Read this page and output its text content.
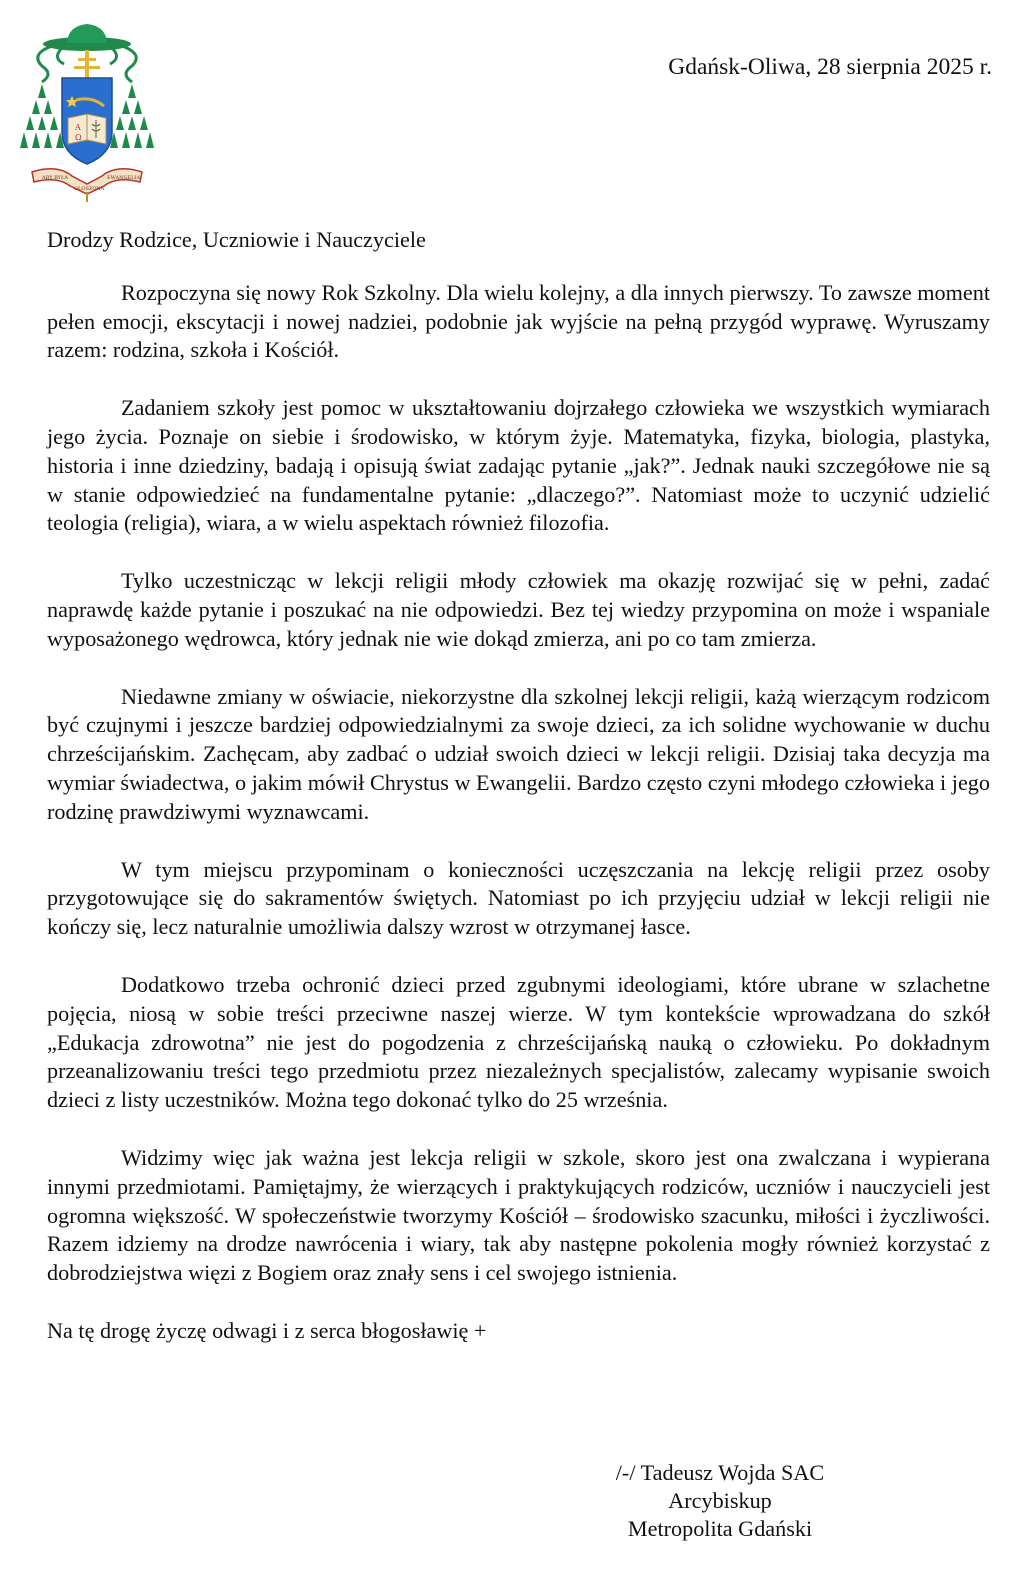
Α
Ω
ABY BYŁA
GŁOSZONA
EWANGELIA
Gdańsk-Oliwa, 28 sierpnia 2025 r.

Drodzy Rodzice, Uczniowie i Nauczyciele

Rozpoczyna się nowy Rok Szkolny. Dla wielu kolejny, a dla innych pierwszy. To zawsze moment pełen emocji, ekscytacji i nowej nadziei, podobnie jak wyjście na pełną przygód wyprawę. Wyruszamy razem: rodzina, szkoła i Kościół.

Zadaniem szkoły jest pomoc w ukształtowaniu dojrzałego człowieka we wszystkich wymiarach jego życia. Poznaje on siebie i środowisko, w którym żyje. Matematyka, fizyka, biologia, plastyka, historia i inne dziedziny, badają i opisują świat zadając pytanie „jak?”. Jednak nauki szczegółowe nie są w stanie odpowiedzieć na fundamentalne pytanie: „dlaczego?”. Natomiast może to uczynić udzielić teologia (religia), wiara, a w wielu aspektach również filozofia.

Tylko uczestnicząc w lekcji religii młody człowiek ma okazję rozwijać się w pełni, zadać naprawdę każde pytanie i poszukać na nie odpowiedzi. Bez tej wiedzy przypomina on może i wspaniale wyposażonego wędrowca, który jednak nie wie dokąd zmierza, ani po co tam zmierza.

Niedawne zmiany w oświacie, niekorzystne dla szkolnej lekcji religii, każą wierzącym rodzicom być czujnymi i jeszcze bardziej odpowiedzialnymi za swoje dzieci, za ich solidne wychowanie w duchu chrześcijańskim. Zachęcam, aby zadbać o udział swoich dzieci w lekcji religii. Dzisiaj taka decyzja ma wymiar świadectwa, o jakim mówił Chrystus w Ewangelii. Bardzo często czyni młodego człowieka i jego rodzinę prawdziwymi wyznawcami.

W tym miejscu przypominam o konieczności uczęszczania na lekcję religii przez osoby przygotowujące się do sakramentów świętych. Natomiast po ich przyjęciu udział w lekcji religii nie kończy się, lecz naturalnie umożliwia dalszy wzrost w otrzymanej łasce.

Dodatkowo trzeba ochronić dzieci przed zgubnymi ideologiami, które ubrane w szlachetne pojęcia, niosą w sobie treści przeciwne naszej wierze. W tym kontekście wprowadzana do szkół „Edukacja zdrowotna” nie jest do pogodzenia z chrześcijańską nauką o człowieku. Po dokładnym przeanalizowaniu treści tego przedmiotu przez niezależnych specjalistów, zalecamy wypisanie swoich dzieci z listy uczestników. Można tego dokonać tylko do 25 września.

Widzimy więc jak ważna jest lekcja religii w szkole, skoro jest ona zwalczana i wypierana innymi przedmiotami. Pamiętajmy, że wierzących i praktykujących rodziców, uczniów i nauczycieli jest ogromna większość. W społeczeństwie tworzymy Kościół – środowisko szacunku, miłości i życzliwości. Razem idziemy na drodze nawrócenia i wiary, tak aby następne pokolenia mogły również korzystać z dobrodziejstwa więzi z Bogiem oraz znały sens i cel swojego istnienia.

Na tę drogę życzę odwagi i z serca błogosławię +

/-/ Tadeusz Wojda SAC
Arcybiskup
Metropolita Gdański
